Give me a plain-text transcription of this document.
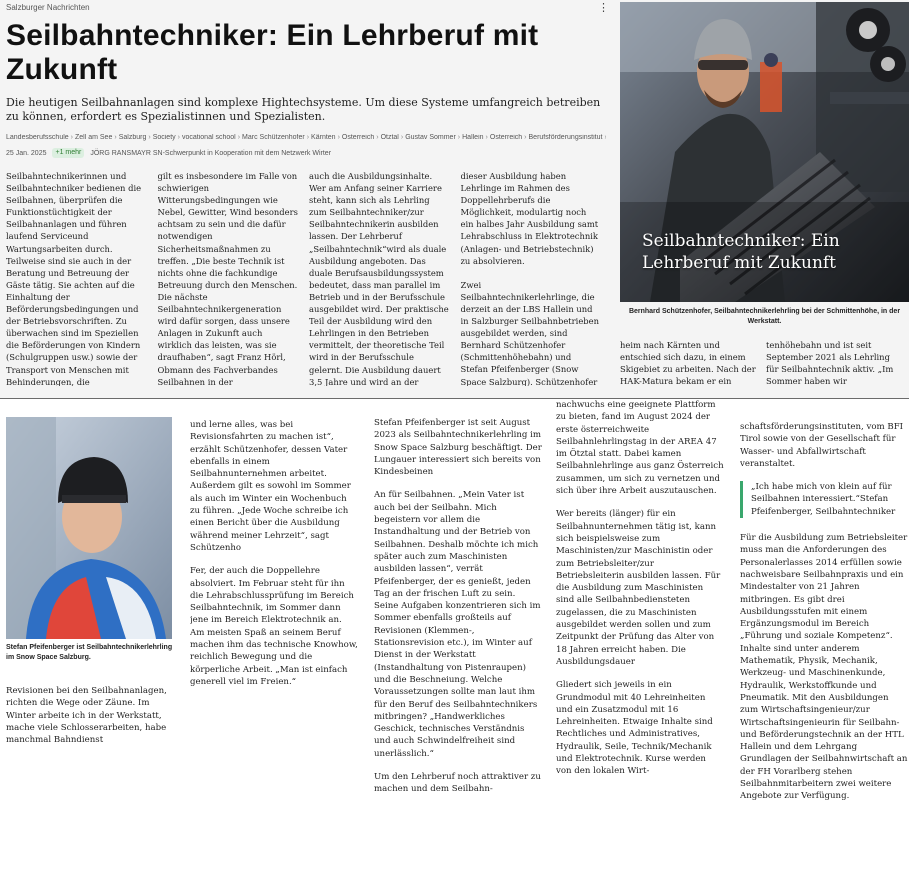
Salzburger Nachrichten	⋮
Seilbahntechniker: Ein Lehrberuf mit Zukunft

Die heutigen Seilbahnanlagen sind komplexe Hightechsysteme. Um diese Systeme umfangreich betreiben zu können, erfordert es Spezialistinnen und Spezialisten.

Landesberufsschule › Zell am See › Salzburg › Society › vocational school › Marc Schützenhofer › Kärnten › Österreich › Ötztal › Gustav Sommer › Hallein › Österreich › Berufsförderungsinstitut
25 Jan. 2025	+1 mehr	JÖRG RANSMAYR SN-Schwerpunkt in Kooperation mit dem Netzwerk Wirter

Seilbahntechnikerinnen und Seilbahntechniker bedienen die Seilbahnen, überprüfen die Funktionstüchtigkeit der Seilbahnanlagen und führen laufend Serviceund Wartungsarbeiten durch. Teilweise sind sie auch in der Beratung und Betreuung der Gäste tätig. Sie achten auf die Einhaltung der Beförderungsbedingungen und der Betriebsvorschriften. Zu überwachen sind im Speziellen die Beförderungen von Kindern (Schulgruppen usw.) sowie der Transport von Menschen mit Behinderungen, die

gilt es insbesondere im Falle von schwierigen Witterungsbedingungen wie Nebel, Gewitter, Wind besonders achtsam zu sein und die dafür notwendigen Sicherheitsmaßnahmen zu treffen. „Die beste Technik ist nichts ohne die fachkundige Betreuung durch den Menschen. Die nächste Seilbahntechnikergeneration wird dafür sorgen, dass unsere Anlagen in Zukunft auch wirklich das leisten, was sie draufhaben“, sagt Franz Hörl, Obmann des Fachverbandes Seilbahnen in der

auch die Ausbildungsinhalte. Wer am Anfang seiner Karriere steht, kann sich als Lehrling zum Seilbahntechniker/zur Seilbahntechnikerin ausbilden lassen. Der Lehrberuf „Seilbahntechnik“wird als duale Ausbildung angeboten. Das duale Berufsausbildungssystem bedeutet, dass man parallel im Betrieb und in der Berufsschule ausgebildet wird. Der praktische Teil der Ausbildung wird den Lehrlingen in den Betrieben vermittelt, der theoretische Teil wird in der Berufsschule gelernt. Die Ausbildung dauert 3,5 Jahre und wird an der

dieser Ausbildung haben Lehrlinge im Rahmen des Doppellehrberufs die Möglichkeit, modulartig noch ein halbes Jahr Ausbildung samt Lehrabschluss in Elektrotechnik (Anlagen- und Betriebstechnik) zu absolvieren.

Zwei Seilbahntechnikerlehrlinge, die derzeit an der LBS Hallein und in Salzburger Seilbahnbetrieben ausgebildet werden, sind Bernhard Schützenhofer (Schmittenhöhebahn) und Stefan Pfeifenberger (Snow Space Salzburg). Schützenhofer

Seilbahntechniker: Ein Lehrberuf mit Zukunft
Bernhard Schützenhofer, Seilbahntechnikerlehrling bei der Schmittenhöhe, in der Werkstatt.
heim nach Kärnten und entschied sich dazu, in einem Skigebiet zu arbeiten. Nach der HAK-Matura bekam er ein
tenhöhebahn und ist seit September 2021 als Lehrling für Seilbahntechnik aktiv. „Im Sommer haben wir
Stefan Pfeifenberger ist Seilbahntechnikerlehrling im Snow Space Salzburg.

Revisionen bei den Seilbahnanlagen, richten die Wege oder Zäune. Im Winter arbeite ich in der Werkstatt, mache viele Schlosserarbeiten, habe manchmal Bahndienst

und lerne alles, was bei Revisionsfahrten zu machen ist“, erzählt Schützenhofer, dessen Vater ebenfalls in einem Seilbahnunternehmen arbeitet. Außerdem gilt es sowohl im Sommer als auch im Winter ein Wochenbuch zu führen. „Jede Woche schreibe ich einen Bericht über die Ausbildung während meiner Lehrzeit“, sagt Schützenho

Fer, der auch die Doppellehre absolviert. Im Februar steht für ihn die Lehrabschlussprüfung im Bereich Seilbahntechnik, im Sommer dann jene im Bereich Elektrotechnik an. Am meisten Spaß an seinem Beruf machen ihm das technische Knowhow, reichlich Bewegung und die körperliche Arbeit. „Man ist einfach generell viel im Freien.“

Stefan Pfeifenberger ist seit August 2023 als Seilbahntechnikerlehrling im Snow Space Salzburg beschäftigt. Der Lungauer interessiert sich bereits von Kindesbeinen

An für Seilbahnen. „Mein Vater ist auch bei der Seilbahn. Mich begeistern vor allem die Instandhaltung und der Betrieb von Seilbahnen. Deshalb möchte ich mich später auch zum Maschinisten ausbilden lassen“, verrät Pfeifenberger, der es genießt, jeden Tag an der frischen Luft zu sein. Seine Aufgaben konzentrieren sich im Sommer ebenfalls großteils auf Revisionen (Klemmen-, Stationsrevision etc.), im Winter auf Dienst in der Werkstatt (Instandhaltung von Pistenraupen) und die Beschneiung. Welche Voraussetzungen sollte man laut ihm für den Beruf des Seilbahntechnikers mitbringen? „Handwerkliches Geschick, technisches Verständnis und auch Schwindelfreiheit sind unerlässlich.“

Um den Lehrberuf noch attraktiver zu machen und dem Seilbahn-

nachwuchs eine geeignete Plattform zu bieten, fand im August 2024 der erste österreichweite Seilbahnlehrlingstag in der AREA 47 im Ötztal statt. Dabei kamen Seilbahnlehrlinge aus ganz Österreich zusammen, um sich zu vernetzen und sich über ihre Arbeit auszutauschen.

Wer bereits (länger) für ein Seilbahnunternehmen tätig ist, kann sich beispielsweise zum Maschinisten/zur Maschinistin oder zum Betriebsleiter/zur Betriebsleiterin ausbilden lassen. Für die Ausbildung zum Maschinisten sind alle Seilbahnbediensteten zugelassen, die zu Maschinisten ausgebildet werden sollen und zum Zeitpunkt der Prüfung das Alter von 18 Jahren erreicht haben. Die Ausbildungsdauer

Gliedert sich jeweils in ein Grundmodul mit 40 Lehreinheiten und ein Zusatzmodul mit 16 Lehreinheiten. Etwaige Inhalte sind Rechtliches und Administratives, Hydraulik, Seile, Technik/Mechanik und Elektrotechnik. Kurse werden von den lokalen Wirt-

schaftsförderungsinstituten, vom BFI Tirol sowie von der Gesellschaft für Wasser- und Abfallwirtschaft veranstaltet.

„Ich habe mich von klein auf für Seilbahnen interessiert.“Stefan Pfeifenberger, Seilbahntechniker

Für die Ausbildung zum Betriebsleiter muss man die Anforderungen des Personalerlasses 2014 erfüllen sowie nachweisbare Seilbahnpraxis und ein Mindestalter von 21 Jahren mitbringen. Es gibt drei Ausbildungsstufen mit einem Ergänzungsmodul im Bereich „Führung und soziale Kompetenz“. Inhalte sind unter anderem Mathematik, Physik, Mechanik, Werkzeug- und Maschinenkunde, Hydraulik, Werkstoffkunde und Pneumatik. Mit den Ausbildungen zum Wirtschaftsingenieur/zur Wirtschaftsingenieurin für Seilbahn- und Beförderungstechnik an der HTL Hallein und dem Lehrgang Grundlagen der Seilbahnwirtschaft an der FH Vorarlberg stehen Seilbahnmitarbeitern zwei weitere Angebote zur Verfügung.
